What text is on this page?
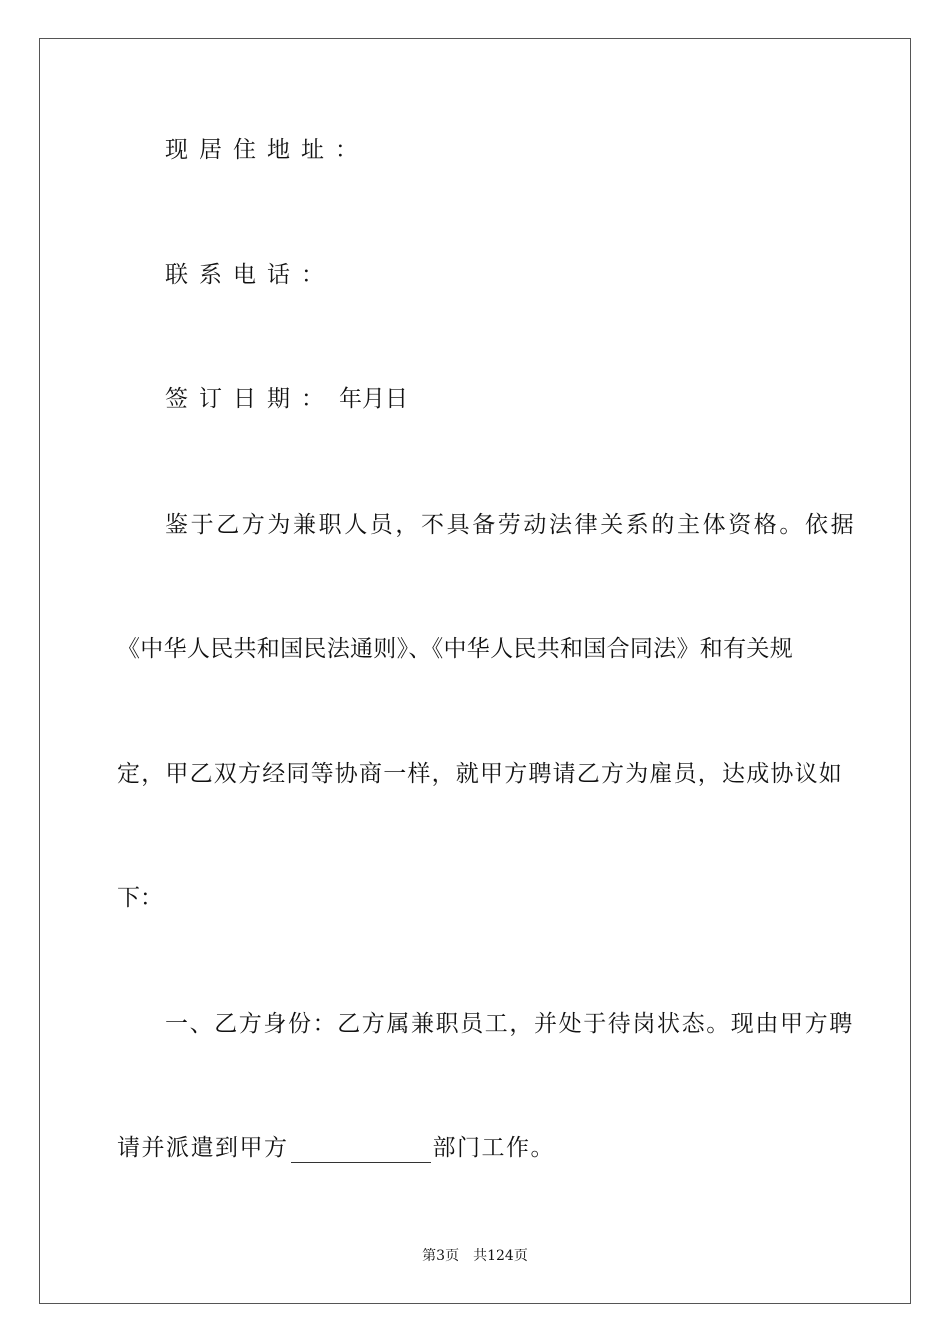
现居住地址：
联系电话：
签订日期： 年月日
鉴于乙方为兼职人员，不具备劳动法律关系的主体资格。依据
《中华人民共和国民法通则》、《中华人民共和国合同法》和有关规
定，甲乙双方经同等协商一样，就甲方聘请乙方为雇员，达成协议如
下：
一、乙方身份：乙方属兼职员工，并处于待岗状态。现由甲方聘
请并派遣到甲方	部门工作。
第3页 共124页
